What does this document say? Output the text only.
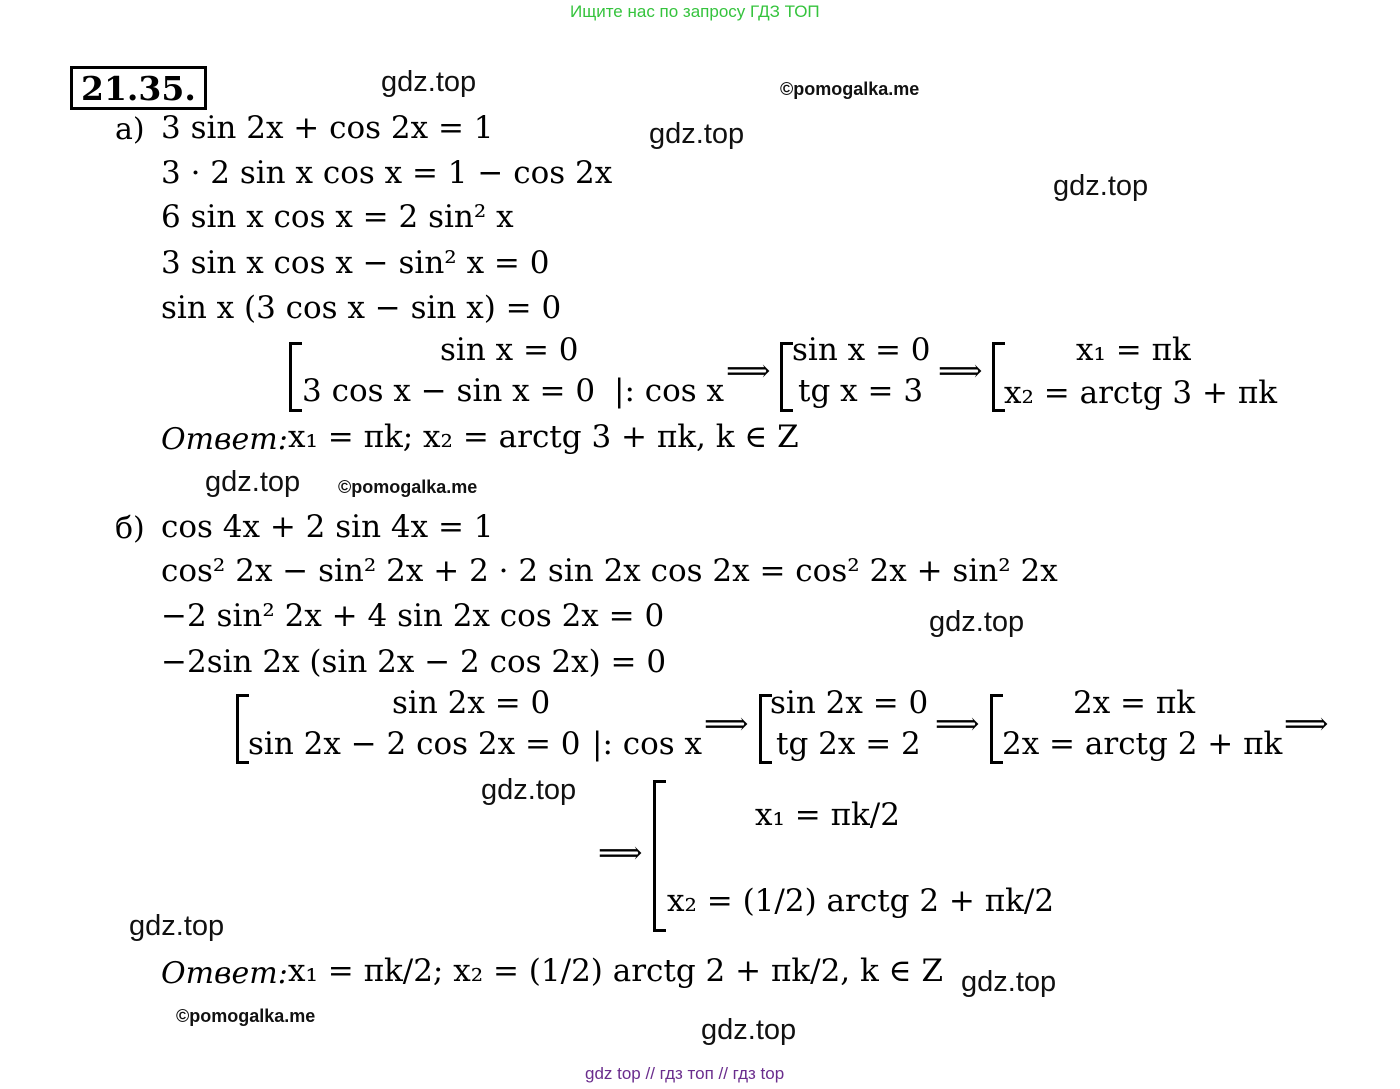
Ищите нас по запросу ГДЗ ТОП
gdz top // гдз топ // гдз top
21.35.	gdz.top	©pomogalka.me
gdz.top
gdz.top
gdz.top ©pomogalka.me
gdz.top
gdz.top
gdz.top
gdz.top
©pomogalka.me	gdz.top
а) 3 sin 2x + cos 2x = 1
3 · 2 sin x cos x = 1 − cos 2x
6 sin x cos x = 2 sin² x
3 sin x cos x − sin² x = 0
sin x (3 cos x − sin x) = 0
sin x = 0
3 cos x − sin x = 0 |: cos x
⟹
sin x = 0
tg x = 3
⟹
x₁ = πk
x₂ = arctg 3 + πk
Ответ: x₁ = πk; x₂ = arctg 3 + πk, k ∈ Z
б) cos 4x + 2 sin 4x = 1
cos² 2x − sin² 2x + 2 · 2 sin 2x cos 2x = cos² 2x + sin² 2x
−2 sin² 2x + 4 sin 2x cos 2x = 0
−2sin 2x (sin 2x − 2 cos 2x) = 0
sin 2x = 0
sin 2x − 2 cos 2x = 0 |: cos x
⟹
sin 2x = 0
tg 2x = 2
⟹
2x = πk
2x = arctg 2 + πk
⟹
⟹
x₁ = πk/2
x₂ = (1/2) arctg 2 + πk/2
Ответ: x₁ = πk/2; x₂ = (1/2) arctg 2 + πk/2, k ∈ Z
